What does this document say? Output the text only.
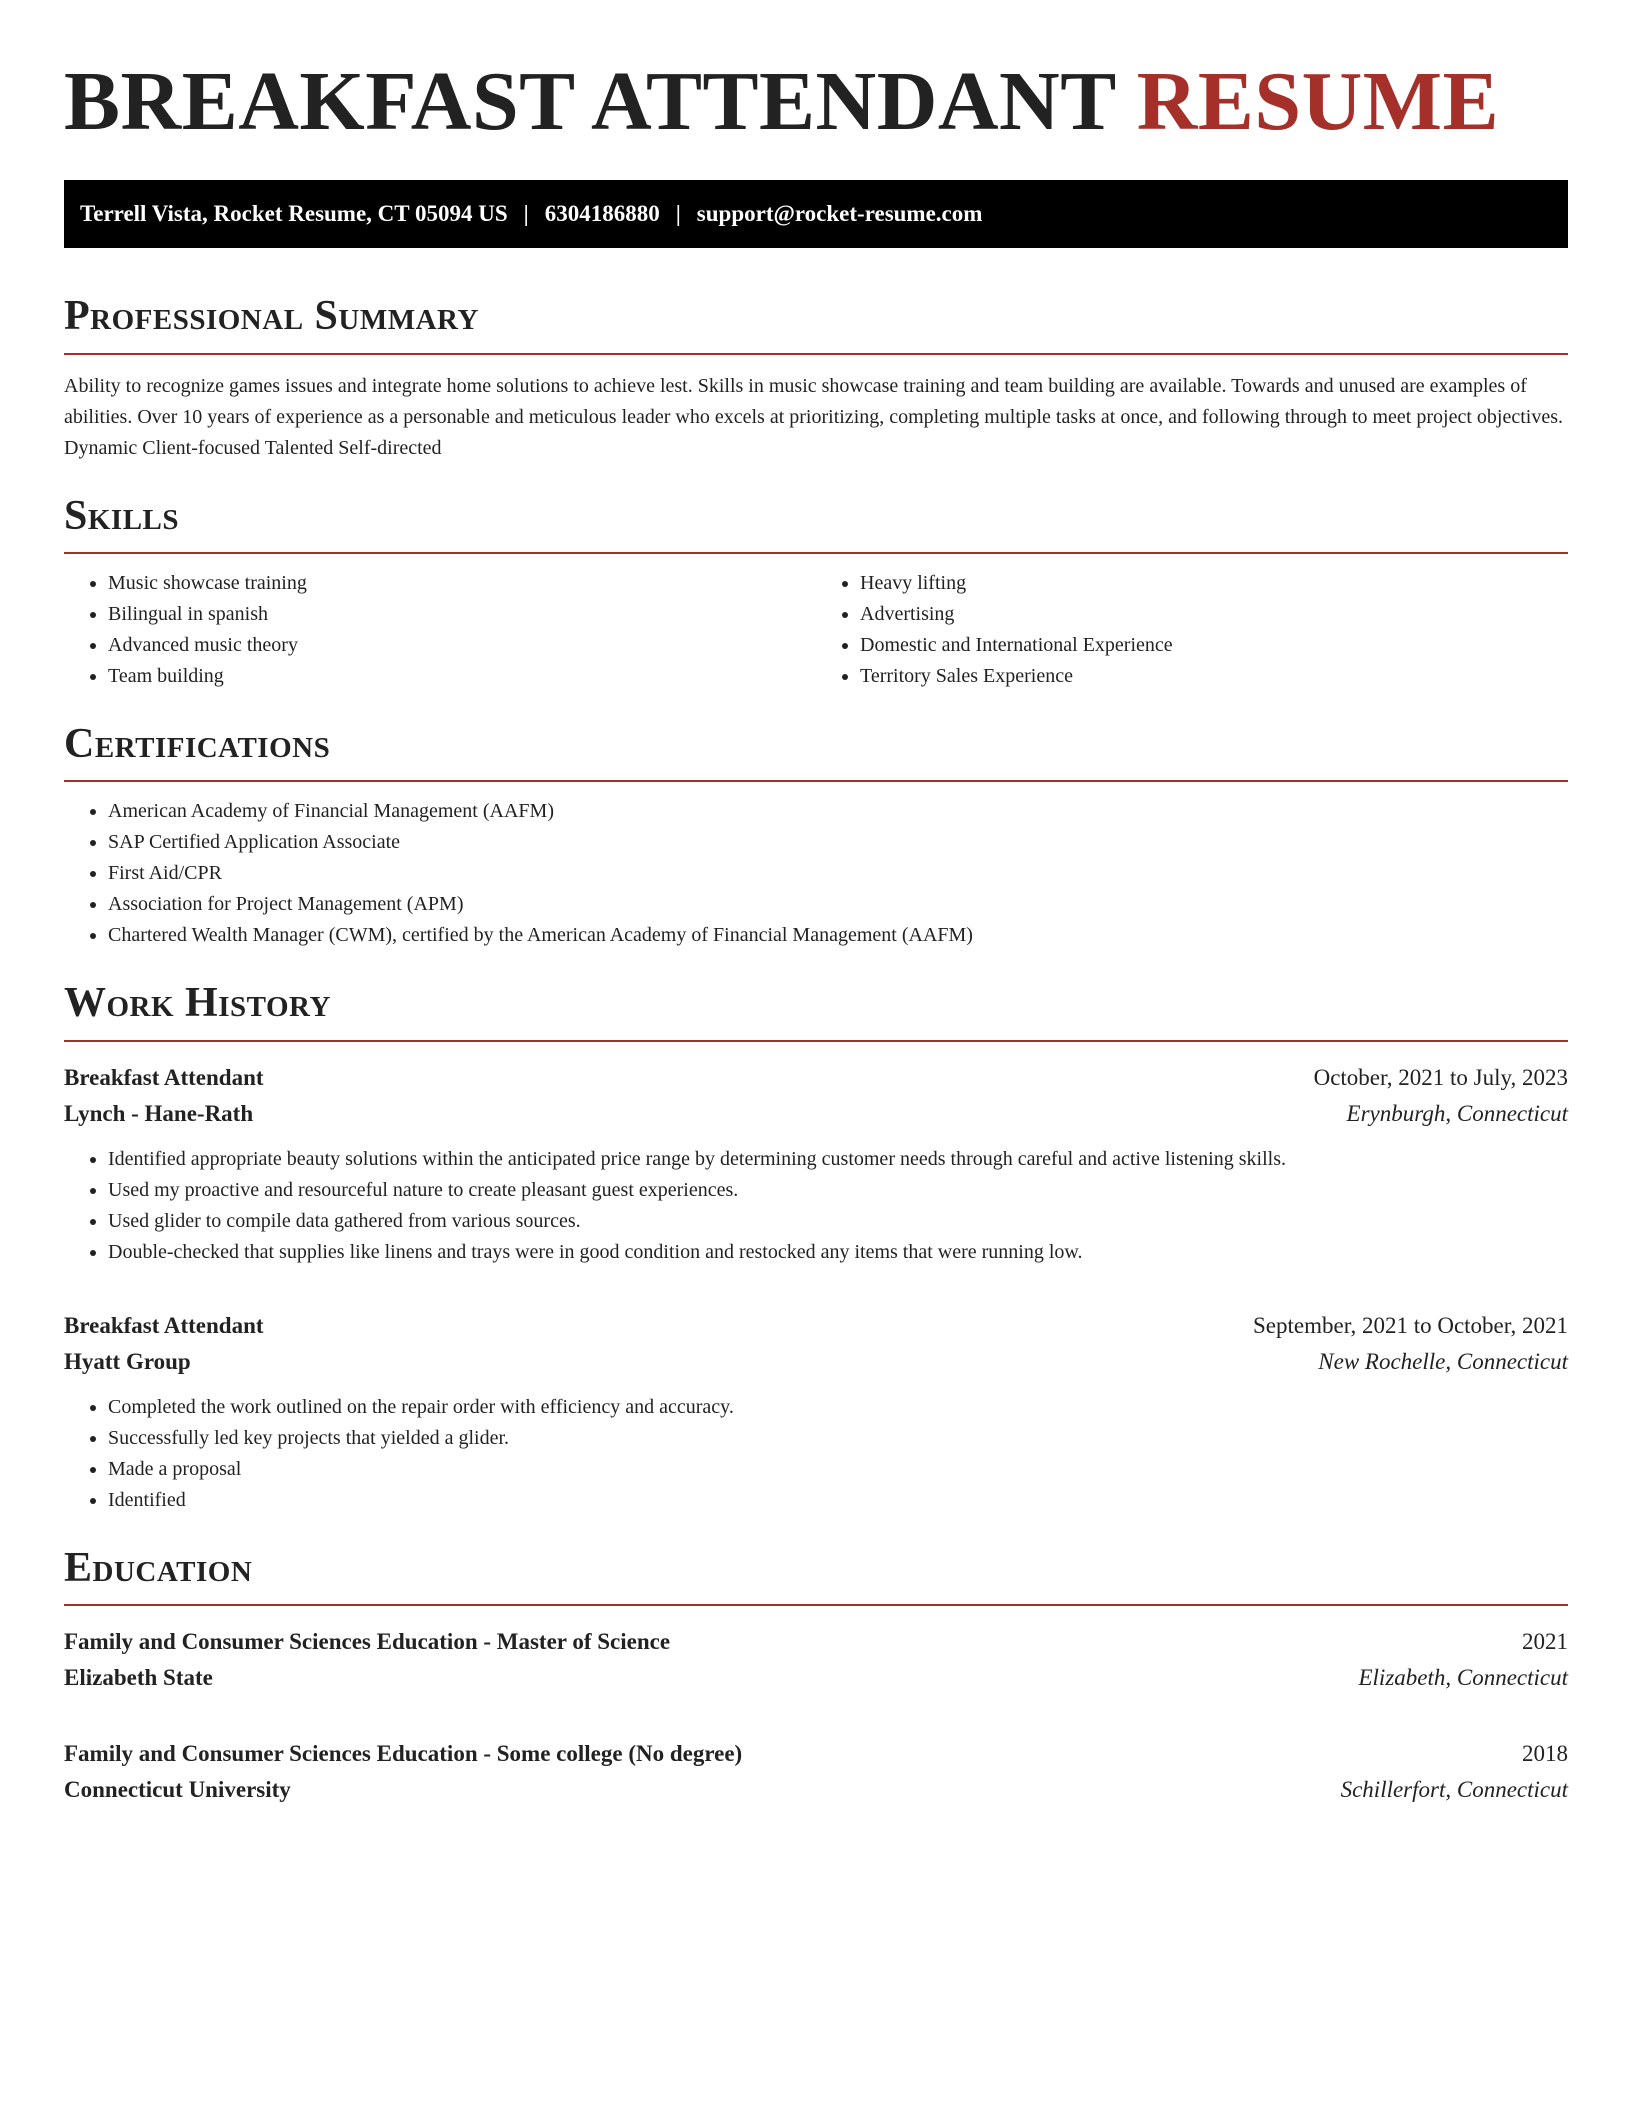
BREAKFAST ATTENDANT RESUME
Terrell Vista, Rocket Resume, CT 05094 US | 6304186880 | support@rocket-resume.com
Professional Summary

Ability to recognize games issues and integrate home solutions to achieve lest. Skills in music showcase training and team building are available. Towards and unused are examples of abilities. Over 10 years of experience as a personable and meticulous leader who excels at prioritizing, completing multiple tasks at once, and following through to meet project objectives. Dynamic Client-focused Talented Self-directed

Skills
• Music showcase training
• Bilingual in spanish
• Advanced music theory
• Team building
• Heavy lifting
• Advertising
• Domestic and International Experience
• Territory Sales Experience
Certifications
• American Academy of Financial Management (AAFM)
• SAP Certified Application Associate
• First Aid/CPR
• Association for Project Management (APM)
• Chartered Wealth Manager (CWM), certified by the American Academy of Financial Management (AAFM)
Work History
Breakfast Attendant	October, 2021 to July, 2023
Lynch - Hane-Rath	Erynburgh, Connecticut
• Identified appropriate beauty solutions within the anticipated price range by determining customer needs through careful and active listening skills.
• Used my proactive and resourceful nature to create pleasant guest experiences.
• Used glider to compile data gathered from various sources.
• Double-checked that supplies like linens and trays were in good condition and restocked any items that were running low.
Breakfast Attendant	September, 2021 to October, 2021
Hyatt Group	New Rochelle, Connecticut
• Completed the work outlined on the repair order with efficiency and accuracy.
• Successfully led key projects that yielded a glider.
• Made a proposal
• Identified
Education
Family and Consumer Sciences Education - Master of Science	2021
Elizabeth State	Elizabeth, Connecticut
Family and Consumer Sciences Education - Some college (No degree)	2018
Connecticut University	Schillerfort, Connecticut
